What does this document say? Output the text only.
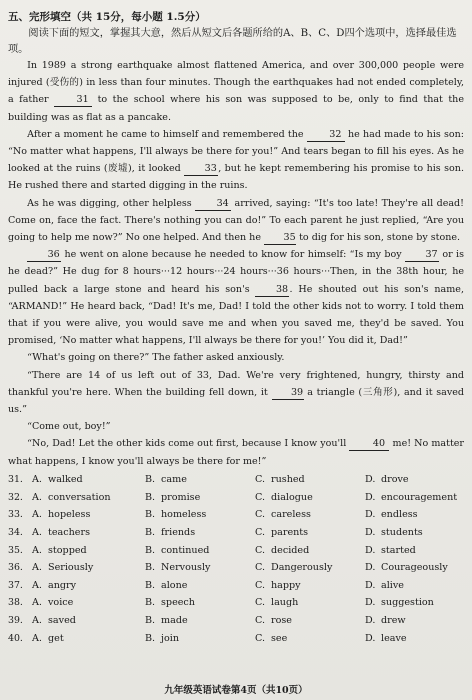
五、完形填空（共 15分，每小题 1.5分）

阅读下面的短文，掌握其大意，然后从短文后各题所给的A、B、C、D四个选项中，选择最佳选项。

In 1989 a strong earthquake almost flattened America, and over 300,000 people were injured (受伤的) in less than four minutes. Though the earthquakes had not ended completely, a father	31 to the school where his son was supposed to be, only to find that the building was as flat as a pancake.

After a moment he came to himself and remembered the	32 he had made to his son: “No matter what happens, I'll always be there for you!” And tears began to fill his eyes. As he looked at the ruins (废墟), it looked	33, but he kept remembering his promise to his son. He rushed there and started digging in the ruins.

As he was digging, other helpless	34 arrived, saying: “It's too late! They're all dead! Come on, face the fact. There's nothing you can do!” To each parent he just replied, “Are you going to help me now?” No one helped. And then he 35 to dig for his son, stone by stone.

36 he went on alone because he needed to know for himself: “Is my boy 37 or is he dead?” He dug for 8 hours···12 hours···24 hours···36 hours···Then, in the 38th hour, he pulled back a large stone and heard his son's	38. He shouted out his son's name, “ARMAND!” He heard back, “Dad! It's me, Dad! I told the other kids not to worry. I told them that if you were alive, you would save me and when you saved me, they'd be saved. You promised, ‘No matter what happens, I'll always be there for you!’ You did it, Dad!”

“What's going on there?” The father asked anxiously.

“There are 14 of us left out of 33, Dad. We're very frightened, hungry, thirsty and thankful you're here. When the building fell down, it 39 a triangle (三角形), and it saved us.”

“Come out, boy!”

“No, Dad! Let the other kids come out first, because I know you'll	40 me! No matter what happens, I know you'll always be there for me!”

31. A. walked	B. came	C. rushed	D. drove
32. A. conversation	B. promise	C. dialogue	D. encouragement
33. A. hopeless	B. homeless	C. careless	D. endless
34. A. teachers	B. friends	C. parents	D. students
35. A. stopped	B. continued	C. decided	D. started
36. A. Seriously	B. Nervously	C. Dangerously	D. Courageously
37. A. angry	B. alone	C. happy	D. alive
38. A. voice	B. speech	C. laugh	D. suggestion
39. A. saved	B. made	C. rose	D. drew
40. A. get	B. join	C. see	D. leave
九年级英语试卷第4页（共10页）
